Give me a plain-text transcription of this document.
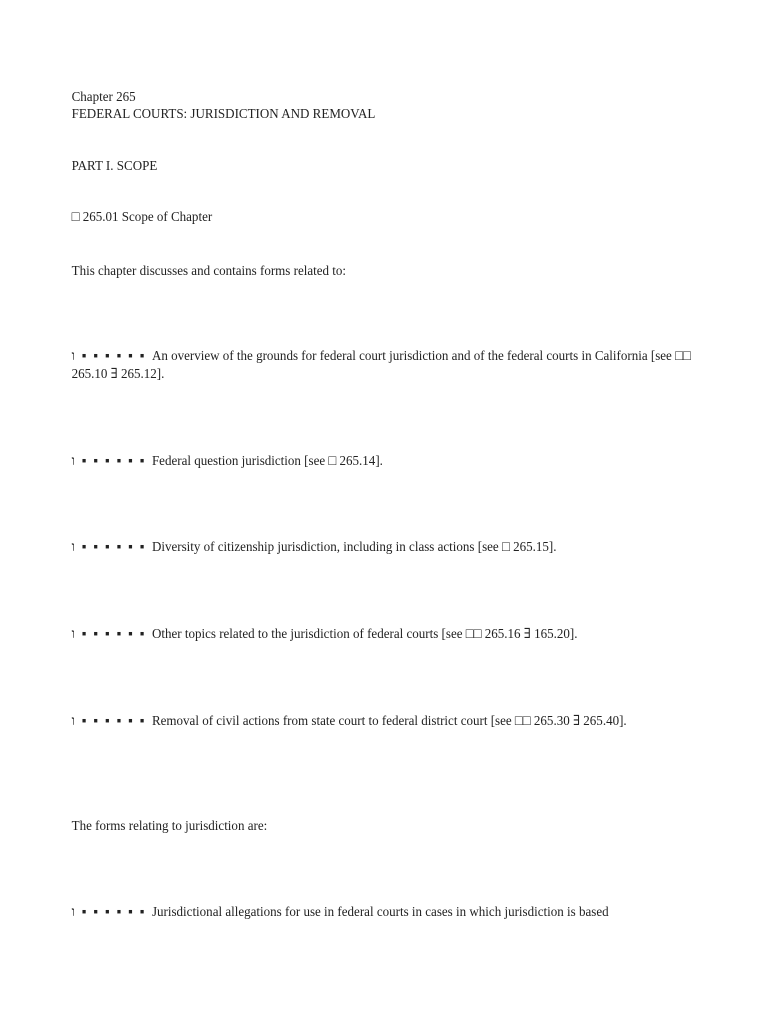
Chapter 265
FEDERAL COURTS: JURISDICTION AND REMOVAL
PART I. SCOPE
□ 265.01 Scope of Chapter
This chapter discusses and contains forms related to:
ו ▪ ▪ ▪ ▪ ▪ ▪ An overview of the grounds for federal court jurisdiction and of the federal courts in California [see □□ 265.10 ∃ 265.12].
ו ▪ ▪ ▪ ▪ ▪ ▪ Federal question jurisdiction [see □ 265.14].
ו ▪ ▪ ▪ ▪ ▪ ▪ Diversity of citizenship jurisdiction, including in class actions [see □ 265.15].
ו ▪ ▪ ▪ ▪ ▪ ▪ Other topics related to the jurisdiction of federal courts [see □□ 265.16 ∃ 165.20].
ו ▪ ▪ ▪ ▪ ▪ ▪ Removal of civil actions from state court to federal district court [see □□ 265.30 ∃ 265.40].
The forms relating to jurisdiction are:
ו ▪ ▪ ▪ ▪ ▪ ▪ Jurisdictional allegations for use in federal courts in cases in which jurisdiction is based
